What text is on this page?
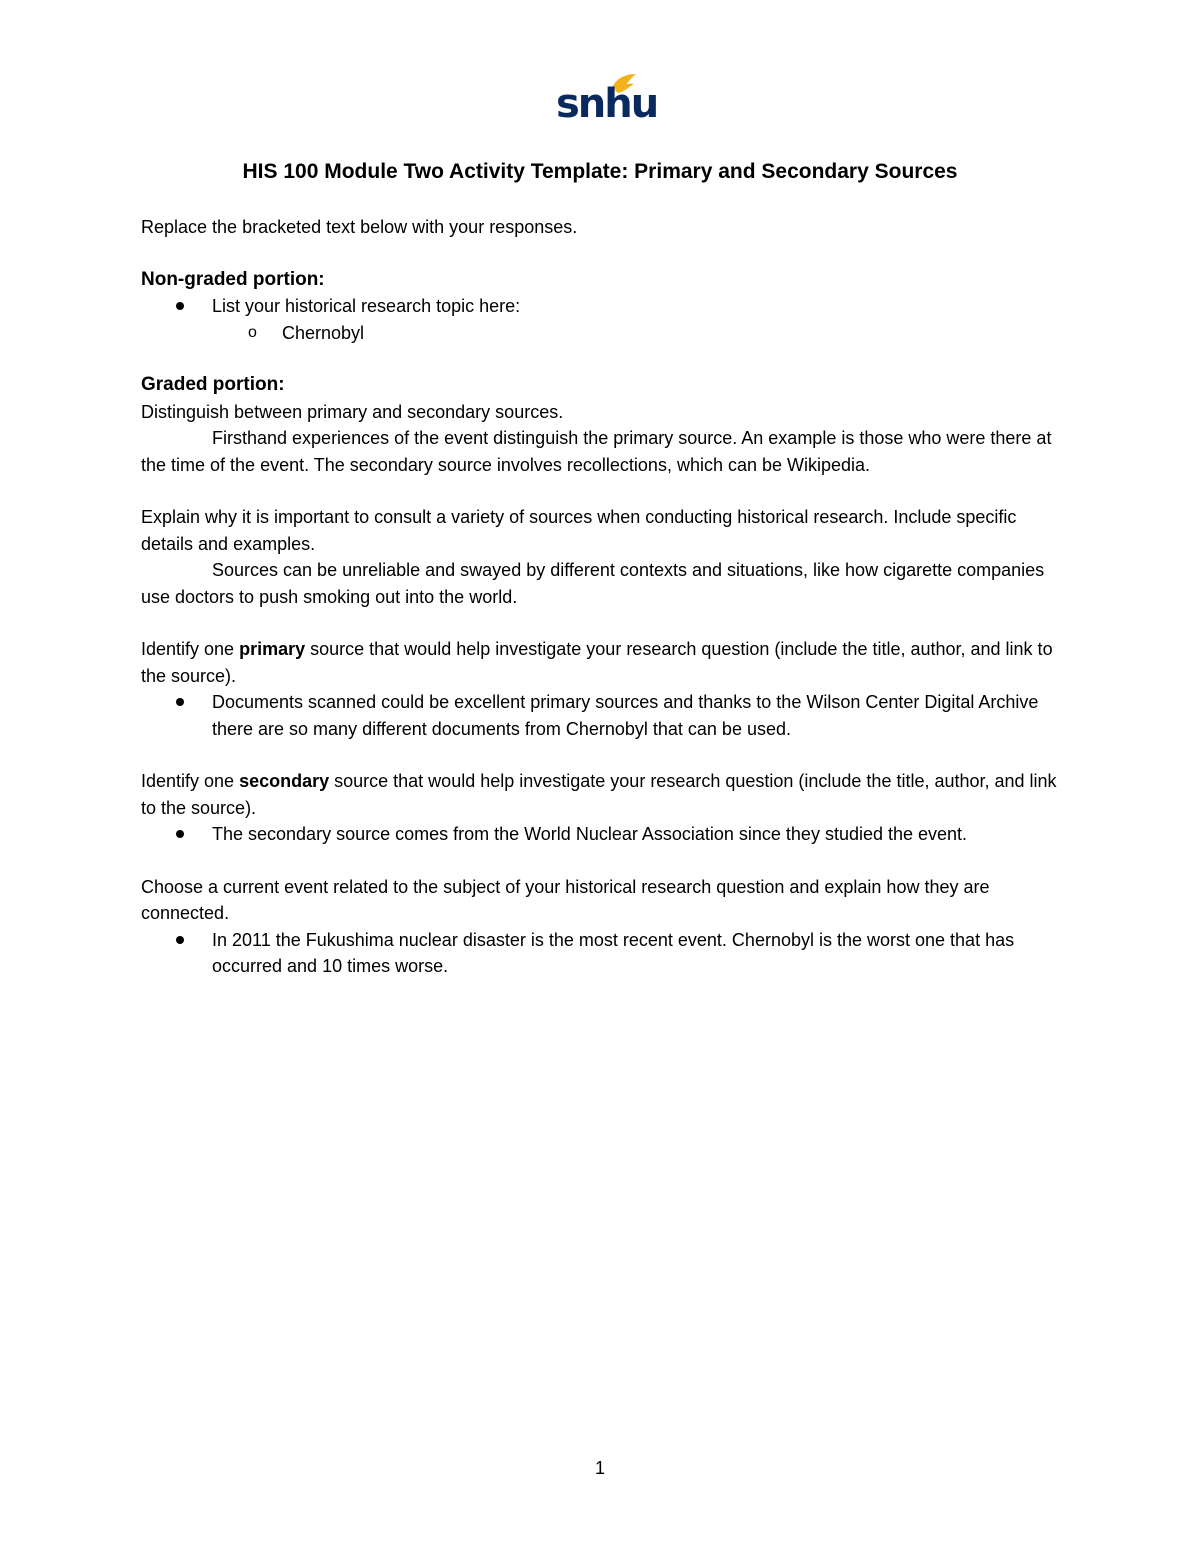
snhu
HIS 100 Module Two Activity Template: Primary and Secondary Sources

Replace the bracketed text below with your responses.

Non-graded portion:

List your historical research topic here:
o Chernobyl

Graded portion:

Distinguish between primary and secondary sources.

Firsthand experiences of the event distinguish the primary source. An example is those who were there at the time of the event. The secondary source involves recollections, which can be Wikipedia.

Explain why it is important to consult a variety of sources when conducting historical research. Include specific details and examples.

Sources can be unreliable and swayed by different contexts and situations, like how cigarette companies use doctors to push smoking out into the world.

Identify one primary source that would help investigate your research question (include the title, author, and link to the source).

Documents scanned could be excellent primary sources and thanks to the Wilson Center Digital Archive there are so many different documents from Chernobyl that can be used.

Identify one secondary source that would help investigate your research question (include the title, author, and link to the source).

The secondary source comes from the World Nuclear Association since they studied the event.

Choose a current event related to the subject of your historical research question and explain how they are connected.

In 2011 the Fukushima nuclear disaster is the most recent event. Chernobyl is the worst one that has occurred and 10 times worse.
1
